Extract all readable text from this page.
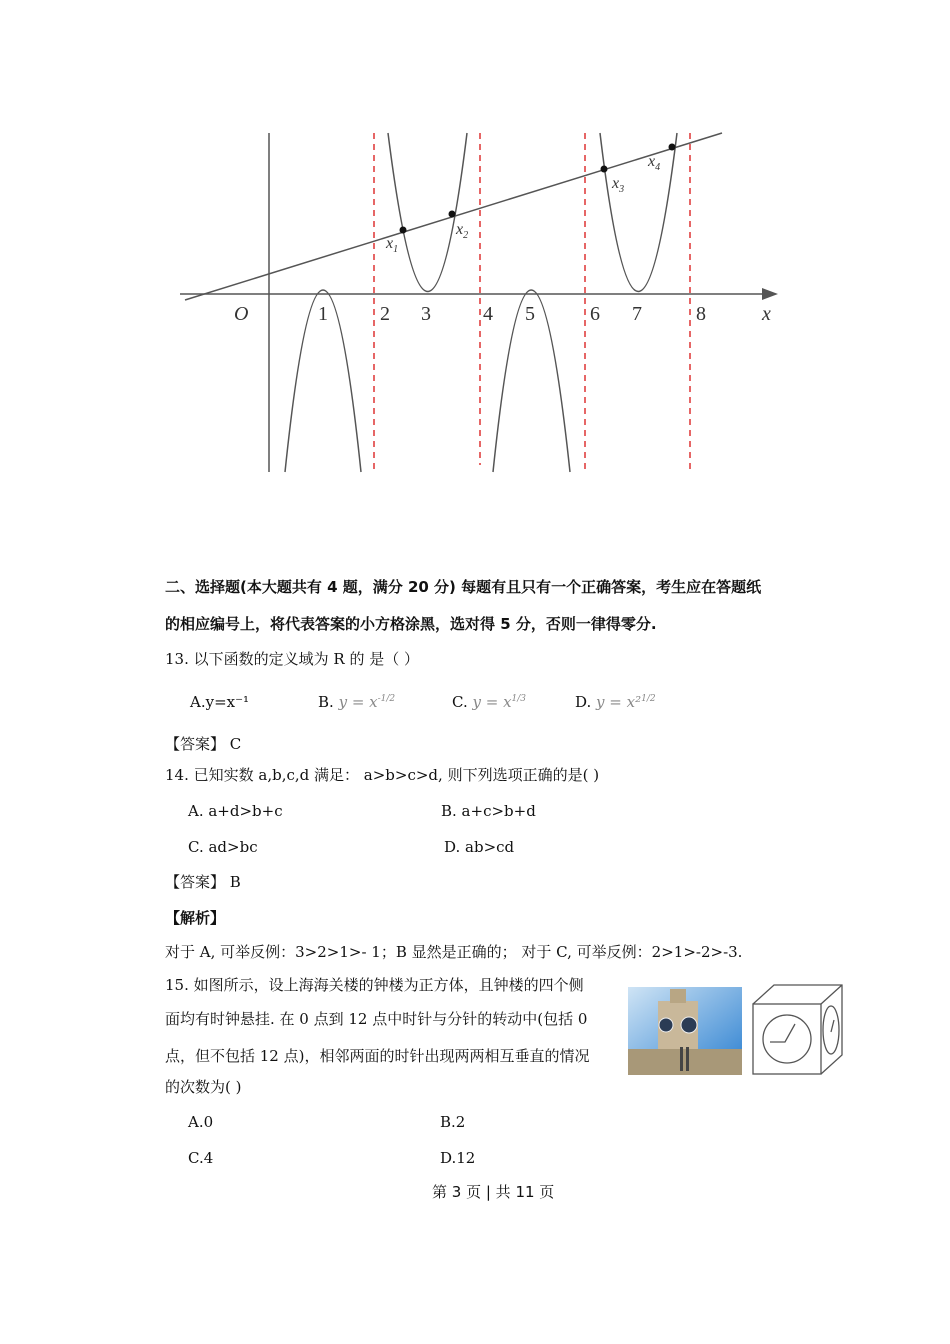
O	1	2 3	4 5	6 7	8	x
$x_1$
$x_2$
$x_3$
$x_4$
二、选择题(本大题共有 4 题，满分 20 分) 每题有且只有一个正确答案，考生应在答题纸
的相应编号上，将代表答案的小方格涂黑，选对得 5 分，否则一律得零分.
13. 以下函数的定义域为 R 的 是（ ）
A.y=x⁻¹	B. $y = x^{-1/2}$	C. $y = x^{1/3}$	D. y = x²$^{1/2}$
【答案】 C
14. 已知实数 a,b,c,d 满足： a>b>c>d, 则下列选项正确的是( )
A. a+d>b+c	B. a+c>b+d
C. ad>bc	D. ab>cd
【答案】 B
【解析】
对于 A, 可举反例：3>2>1>- 1；B 显然是正确的； 对于 C, 可举反例：2>1>-2>-3.
15. 如图所示，设上海海关楼的钟楼为正方体，且钟楼的四个侧
面均有时钟悬挂. 在 0 点到 12 点中时针与分针的转动中(包括 0
点，但不包括 12 点)，相邻两面的时针出现两两相互垂直的情况
的次数为( )
A.0	B.2
C.4	D.12
第 3 页 | 共 11 页
